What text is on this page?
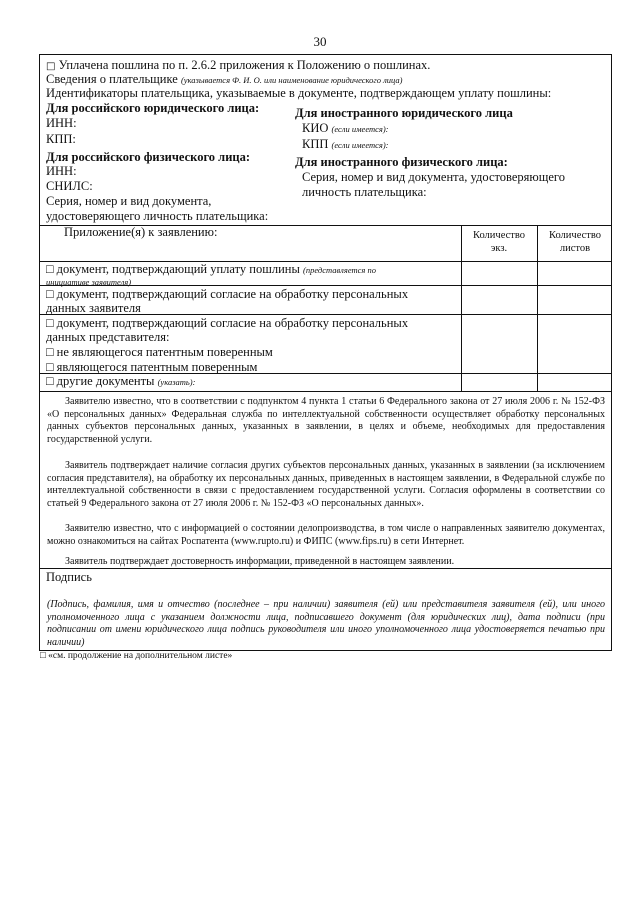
30
□ Уплачена пошлина по п. 2.6.2 приложения к Положению о пошлинах.
Сведения о плательщике (указывается Ф. И. О. или наименование юридического лица)
Идентификаторы плательщика, указываемые в документе, подтверждающем уплату пошлины:
Для российского юридического лица:
ИНН:
КПП:
Для российского физического лица:
ИНН:
СНИЛС:
Серия, номер и вид документа,
удостоверяющего личность плательщика:
Для иностранного юридического лица
КИО (если имеется):
КПП (если имеется):
Для иностранного физического лица:
Серия, номер и вид документа, удостоверяющего
личность плательщика:
Приложение(я) к заявлению:	Количество
экз.
Количество
листов
□ документ, подтверждающий уплату пошлины (представляется по
инициативе заявителя)
□ документ, подтверждающий согласие на обработку персональных
данных заявителя
□ документ, подтверждающий согласие на обработку персональных
данных представителя:
□ не являющегося патентным поверенным
□ являющегося патентным поверенным
□ другие документы (указать):
Заявителю известно, что в соответствии с подпунктом 4 пункта 1 статьи 6 Федерального закона от 27 июля 2006 г. № 152-ФЗ «О персональных данных» Федеральная служба по интеллектуальной собственности осуществляет обработку персональных данных субъектов персональных данных, указанных в заявлении, в целях и объеме, необходимых для предоставления государственной услуги.
Заявитель подтверждает наличие согласия других субъектов персональных данных, указанных в заявлении (за исключением согласия представителя), на обработку их персональных данных, приведенных в настоящем заявлении, в Федеральной службе по интеллектуальной собственности в связи с предоставлением государственной услуги. Согласия оформлены в соответствии со статьей 9 Федерального закона от 27 июля 2006 г. № 152-ФЗ «О персональных данных».
Заявителю известно, что с информацией о состоянии делопроизводства, в том числе о направленных заявителю документах, можно ознакомиться на сайтах Роспатента (www.rupto.ru) и ФИПС (www.fips.ru) в сети Интернет.
Заявитель подтверждает достоверность информации, приведенной в настоящем заявлении.
Подпись
(Подпись, фамилия, имя и отчество (последнее – при наличии) заявителя (ей) или представителя заявителя (ей), или иного уполномоченного лица с указанием должности лица, подписавшего документ (для юридических лиц), дата подписи (при подписании от имени юридического лица подпись руководителя или иного уполномоченного лица удостоверяется печатью при наличии)
□ «см. продолжение на дополнительном листе»
